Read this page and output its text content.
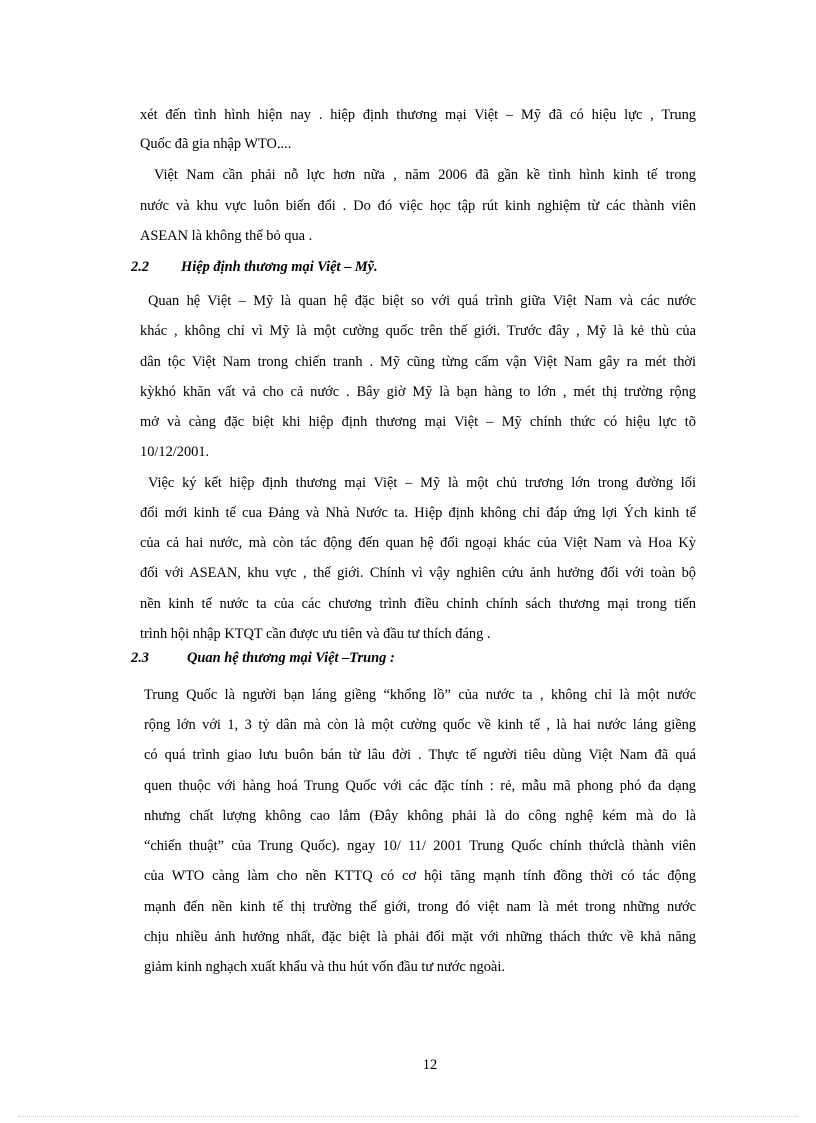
xét đến tình hình hiện nay . hiệp định thương mại Việt – Mỹ đã có hiệu lực , Trung
Quốc đã gia nhập WTO....
Việt Nam cần phải nỗ lực hơn nữa , năm 2006 đã gần kề tình hình kinh tế trong
nước và khu vực luôn biến đổi . Do đó việc học tập rút kinh nghiệm từ các thành viên
ASEAN là không thể bỏ qua .
2.2 Hiệp định thương mại Việt – Mỹ.
Quan hệ Việt – Mỹ là quan hệ đặc biệt so với quá trình giữa Việt Nam và các nước
khác , không chỉ vì Mỹ là một cường quốc trên thế giới. Trước đây , Mỹ là kẻ thù của
dân tộc Việt Nam trong chiến tranh . Mỹ cũng từng cấm vận Việt Nam gây ra mét thời
kỳkhó khăn vất vả cho cả nước . Bây giờ Mỹ là bạn hàng to lớn , mét thị trường rộng
mở và càng đặc biệt khi hiệp định thương mại Việt – Mỹ chính thức có hiệu lực tõ
10/12/2001.
Việc ký kết hiệp định thương mại Việt – Mỹ là một chủ trương lớn trong đường lối
đổi mới kinh tế cua Đảng và Nhà Nước ta. Hiệp định không chỉ đáp ứng lợi Ých kinh tế
của cả hai nước, mà còn tác động đến quan hệ đối ngoại khác của Việt Nam và Hoa Kỳ
đối với ASEAN, khu vực , thế giới. Chính vì vậy nghiên cứu ảnh hưởng đối với toàn bộ
nền kinh tế nước ta của các chương trình điều chỉnh chính sách thương mại trong tiến
trình hội nhập KTQT cần được ưu tiên và đầu tư thích đáng .
2.3	Quan hệ thương mại Việt –Trung :
Trung Quốc là người bạn láng giềng “khổng lồ” của nước ta , không chỉ là một nước
rộng lớn với 1, 3 tỷ dân mà còn là một cường quốc về kinh tế , là hai nước láng giềng
có quá trình giao lưu buôn bán từ lâu đời . Thực tế người tiêu dùng Việt Nam đã quá
quen thuộc với hàng hoá Trung Quốc với các đặc tính : rẻ, mẫu mã phong phó đa dạng
nhưng chất lượng không cao lắm (Đây không phải là do công nghệ kém mà do là
“chiến thuật” của Trung Quốc). ngay 10/ 11/ 2001 Trung Quốc chính thứclà thành viên
của WTO càng làm cho nền KTTQ có cơ hội tăng mạnh tính đồng thời có tác động
mạnh đến nền kinh tế thị trường thế giới, trong đó việt nam là mét trong những nước
chịu nhiều ảnh hưởng nhất, đặc biệt là phải đối mặt với những thách thức về khả năng
giảm kinh nghạch xuất khẩu và thu hút vốn đầu tư nước ngoài.
12
